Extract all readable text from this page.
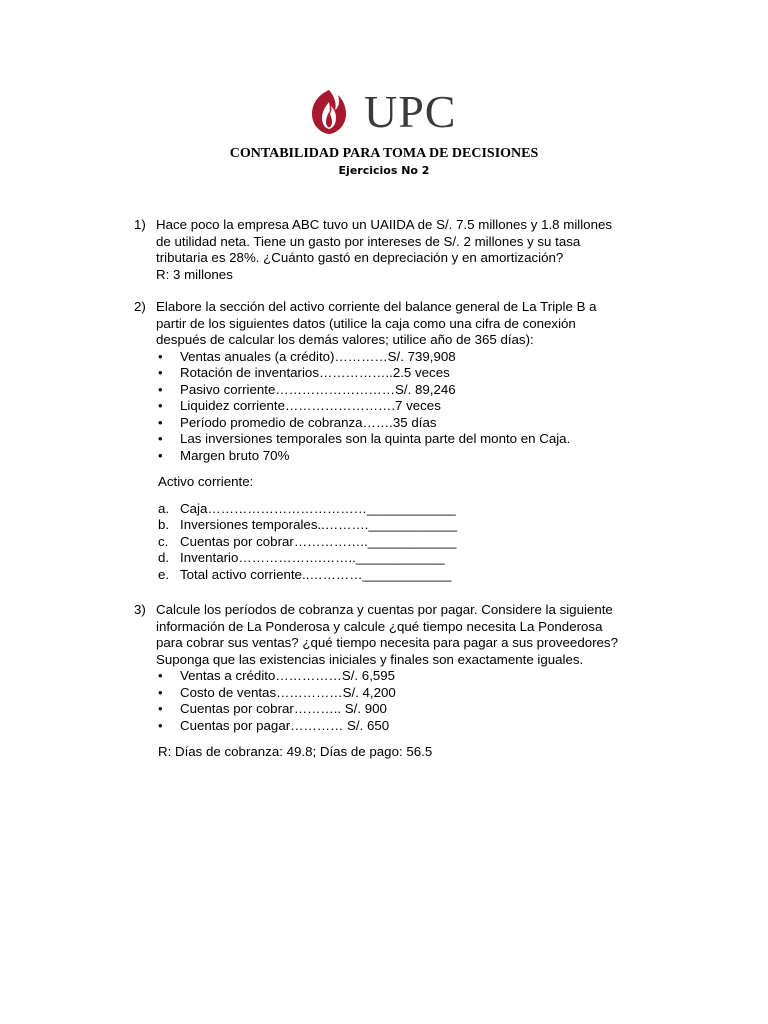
UPC
CONTABILIDAD PARA TOMA DE DECISIONES
Ejercicios No 2
1) Hace poco la empresa ABC tuvo un UAIIDA de S/. 7.5 millones y 1.8 millones
de utilidad neta. Tiene un gasto por intereses de S/. 2 millones y su tasa
tributaria es 28%. ¿Cuánto gastó en depreciación y en amortización?
R: 3 millones
2) Elabore la sección del activo corriente del balance general de La Triple B a
partir de los siguientes datos (utilice la caja como una cifra de conexión
después de calcular los demás valores; utilice año de 365 días):
• Ventas anuales (a crédito)…………S/. 739,908
• Rotación de inventarios……………..2.5 veces
• Pasivo corriente………………………S/. 89,246
• Liquidez corriente…………………….7 veces
• Período promedio de cobranza…….35 días
• Las inversiones temporales son la quinta parte del monto en Caja.
• Margen bruto 70%
Activo corriente:
a. Caja………………………………____________
b. Inversiones temporales..……….____________
c. Cuentas por cobrar……………..____________
d. Inventario……………….……..____________
e. Total activo corriente..…………____________
3) Calcule los períodos de cobranza y cuentas por pagar. Considere la siguiente
información de La Ponderosa y calcule ¿qué tiempo necesita La Ponderosa
para cobrar sus ventas? ¿qué tiempo necesita para pagar a sus proveedores?
Suponga que las existencias iniciales y finales son exactamente iguales.
• Ventas a crédito……………S/. 6,595
• Costo de ventas……………S/. 4,200
• Cuentas por cobrar……….. S/. 900
• Cuentas por pagar………… S/. 650
R: Días de cobranza: 49.8; Días de pago: 56.5
